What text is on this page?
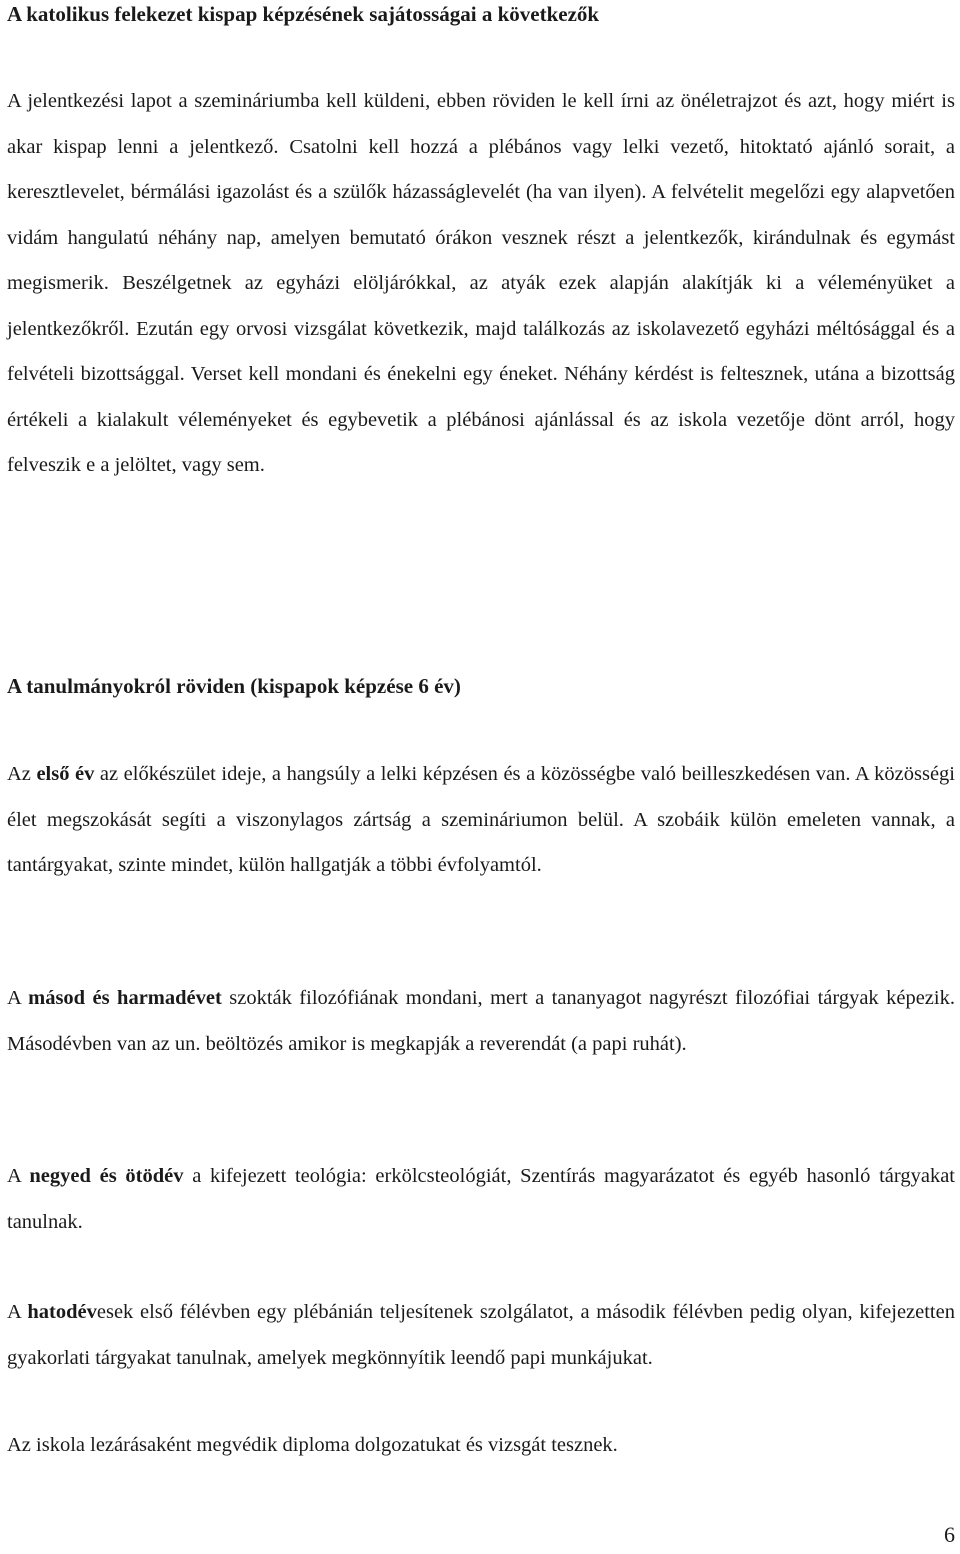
A katolikus felekezet kispap képzésének sajátosságai a következők

A jelentkezési lapot a szemináriumba kell küldeni, ebben röviden le kell írni az önéletrajzot és azt, hogy miért is akar kispap lenni a jelentkező. Csatolni kell hozzá a plébános vagy lelki vezető, hitoktató ajánló sorait, a keresztlevelet, bérmálási igazolást és a szülők házasságlevelét (ha van ilyen). A felvételit megelőzi egy alapvetően vidám hangulatú néhány nap, amelyen bemutató órákon vesznek részt a jelentkezők, kirándulnak és egymást megismerik. Beszélgetnek az egyházi elöljárókkal, az atyák ezek alapján alakítják ki a véleményüket a jelentkezőkről. Ezután egy orvosi vizsgálat következik, majd találkozás az iskolavezető egyházi méltósággal és a felvételi bizottsággal. Verset kell mondani és énekelni egy éneket. Néhány kérdést is feltesznek, utána a bizottság értékeli a kialakult véleményeket és egybevetik a plébánosi ajánlással és az iskola vezetője dönt arról, hogy felveszik e a jelöltet, vagy sem.

A tanulmányokról röviden (kispapok képzése 6 év)

Az első év az előkészület ideje, a hangsúly a lelki képzésen és a közösségbe való beilleszkedésen van. A közösségi élet megszokását segíti a viszonylagos zártság a szemináriumon belül. A szobáik külön emeleten vannak, a tantárgyakat, szinte mindet, külön hallgatják a többi évfolyamtól.

A másod és harmadévet szokták filozófiának mondani, mert a tananyagot nagyrészt filozófiai tárgyak képezik. Másodévben van az un. beöltözés amikor is megkapják a reverendát (a papi ruhát).

A negyed és ötödév a kifejezett teológia: erkölcsteológiát, Szentírás magyarázatot és egyéb hasonló tárgyakat tanulnak.

A hatodévesek első félévben egy plébánián teljesítenek szolgálatot, a második félévben pedig olyan, kifejezetten gyakorlati tárgyakat tanulnak, amelyek megkönnyítik leendő papi munkájukat.

Az iskola lezárásaként megvédik diploma dolgozatukat és vizsgát tesznek.

6
